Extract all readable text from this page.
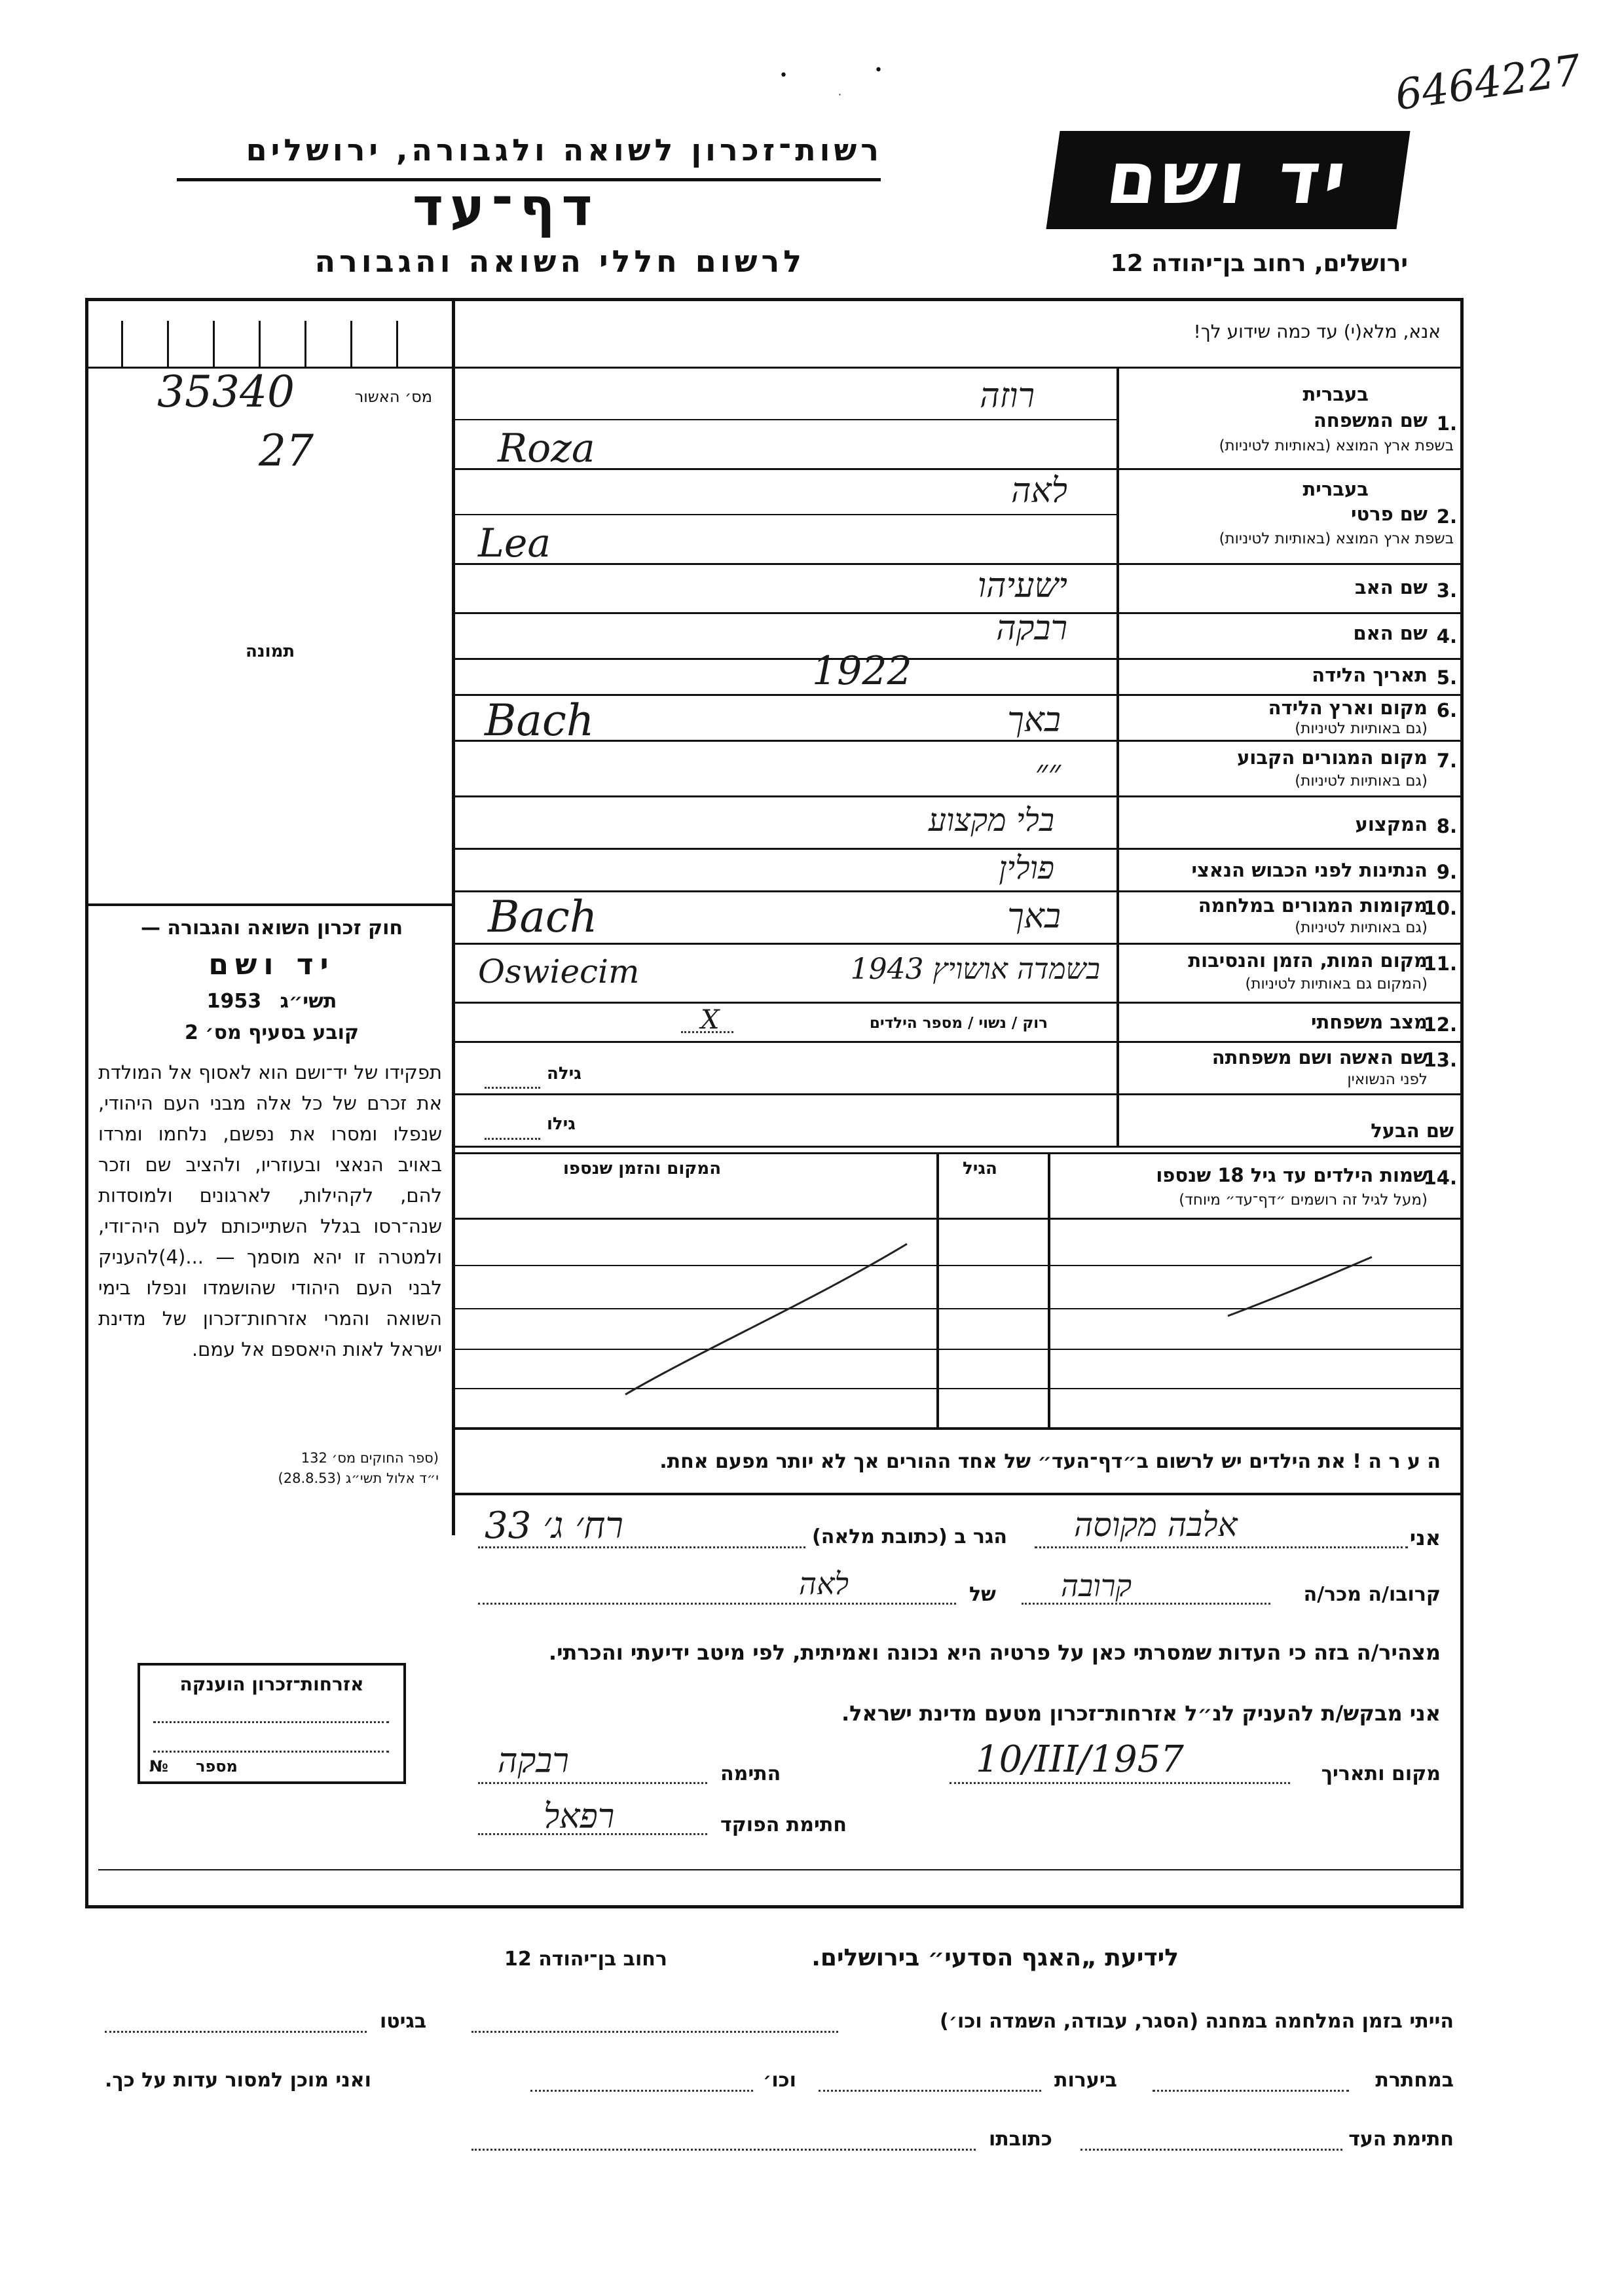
•	•
·	6464227
רשות־זכרון לשואה ולגבורה, ירושלים
דף־עד
לרשום חללי השואה והגבורה
יד ושם
ירושלים, רחוב בן־יהודה 12
מס׳ האשור
35340
27
תמונה
חוק זכרון השואה והגבורה —
יד ושם
1953 תשי״ג
קובע בסעיף מס׳ 2
תפקידו של יד־ושם הוא לאסוף אל המולדת את זכרם של כל אלה מבני העם היהודי, שנפלו ומסרו את נפשם, נלחמו ומרדו באויב הנאצי ובעוזריו, ולהציב שם וזכר להם, לקהילות, לארגונים ולמוסדות שנה־רסו בגלל השתייכותם לעם היה־ודי, ולמטרה זו יהא מוסמך — ...(4)להעניק לבני העם היהודי שהושמדו ונפלו בימי השואה והמרי אזרחות־זכרון של מדינת ישראל לאות היאספם אל עמם.
(ספר החוקים מס׳ 132
י״ד אלול תשי״ג (28.8.53)
אנא, מלא(י) עד כמה שידוע לך!
1.
שם המשפחה
בשפת ארץ המוצא (באותיות לטיניות)
בעברית
רוזה
Roza
2.
שם פרטי
בשפת ארץ המוצא (באותיות לטיניות)
בעברית
לאה
Lea
3.
שם האב
ישעיהו
4.
שם האם
רבקה
5.
תאריך הלידה
1922
6.
מקום וארץ הלידה
(גם באותיות לטיניות)
באך
Bach
7.
מקום המגורים הקבוע
(גם באותיות לטיניות)
״״
8.
המקצוע
בלי מקצוע
9.
הנתינות לפני הכבוש הנאצי
פולין
10.
מקומות המגורים במלחמה
(גם באותיות לטיניות)
באך
Bach
11.
מקום המות, הזמן והנסיבות
(המקום גם באותיות לטיניות)
בשמדה אושויץ 1943
Oswiecim
12.
מצב משפחתי
רוק / נשוי / מספר הילדים
X
13.
שם האשה ושם משפחתה
לפני הנשואין
גילה
שם הבעל
גילו
14.
שמות הילדים עד גיל 18 שנספו
(מעל לגיל זה רושמים ״דף־עד״ מיוחד)
הגיל
המקום והזמן שנספו
ה ע ר ה ! את הילדים יש לרשום ב״דף־העד״ של אחד ההורים אך לא יותר מפעם אחת.
אני
אלבה מקוסה
הגר ב (כתובת מלאה)
33 רח׳ ג׳
קרובו/ה מכר/ה
קרובה
של
לאה
מצהיר/ה בזה כי העדות שמסרתי כאן על פרטיה היא נכונה ואמיתית, לפי מיטב ידיעתי והכרתי.
אני מבקש/ת להעניק לנ״ל אזרחות־זכרון מטעם מדינת ישראל.
מקום ותאריך
10/III/1957
התימה
רבקה
חתימת הפוקד
רפאל
אזרחות־זכרון הוענקה
מספר
№
לידיעת „האגף הסדעי״ בירושלים.
רחוב בן־יהודה 12
הייתי בזמן המלחמה במחנה (הסגר, עבודה, השמדה וכו׳)
בגיטו
במחתרת
ביערות
וכו׳
ואני מוכן למסור עדות על כך.
חתימת העד
כתובתו
